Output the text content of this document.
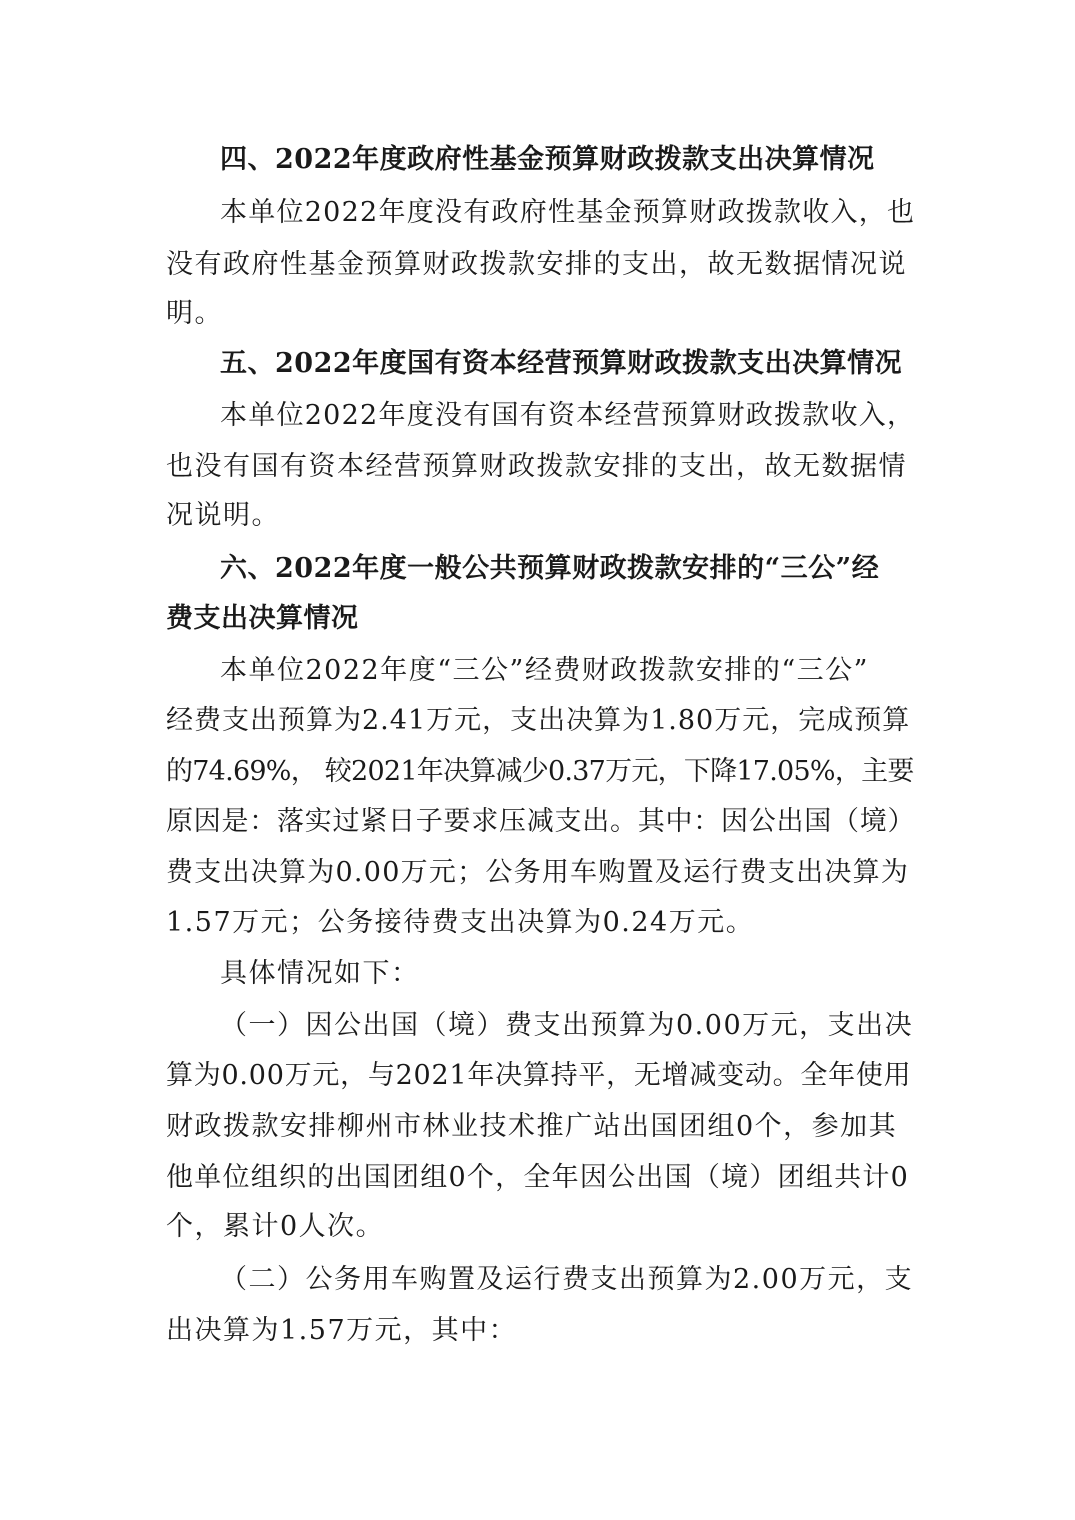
四、2022年度政府性基金预算财政拨款支出决算情况
本单位2022年度没有政府性基金预算财政拨款收入，也
没有政府性基金预算财政拨款安排的支出，故无数据情况说
明。
五、2022年度国有资本经营预算财政拨款支出决算情况
本单位2022年度没有国有资本经营预算财政拨款收入，
也没有国有资本经营预算财政拨款安排的支出，故无数据情
况说明。
六、2022年度一般公共预算财政拨款安排的“三公”经
费支出决算情况
本单位2022年度“三公”经费财政拨款安排的“三公”
经费支出预算为2.41万元，支出决算为1.80万元，完成预算
的74.69%， 较2021年决算减少0.37万元，下降17.05%，主要
原因是：落实过紧日子要求压减支出。其中：因公出国（境）
费支出决算为0.00万元；公务用车购置及运行费支出决算为
1.57万元；公务接待费支出决算为0.24万元。
具体情况如下：
（一）因公出国（境）费支出预算为0.00万元，支出决
算为0.00万元，与2021年决算持平，无增减变动。全年使用
财政拨款安排柳州市林业技术推广站出国团组0个，参加其
他单位组织的出国团组0个，全年因公出国（境）团组共计0
个，累计0人次。
（二）公务用车购置及运行费支出预算为2.00万元，支
出决算为1.57万元，其中：
